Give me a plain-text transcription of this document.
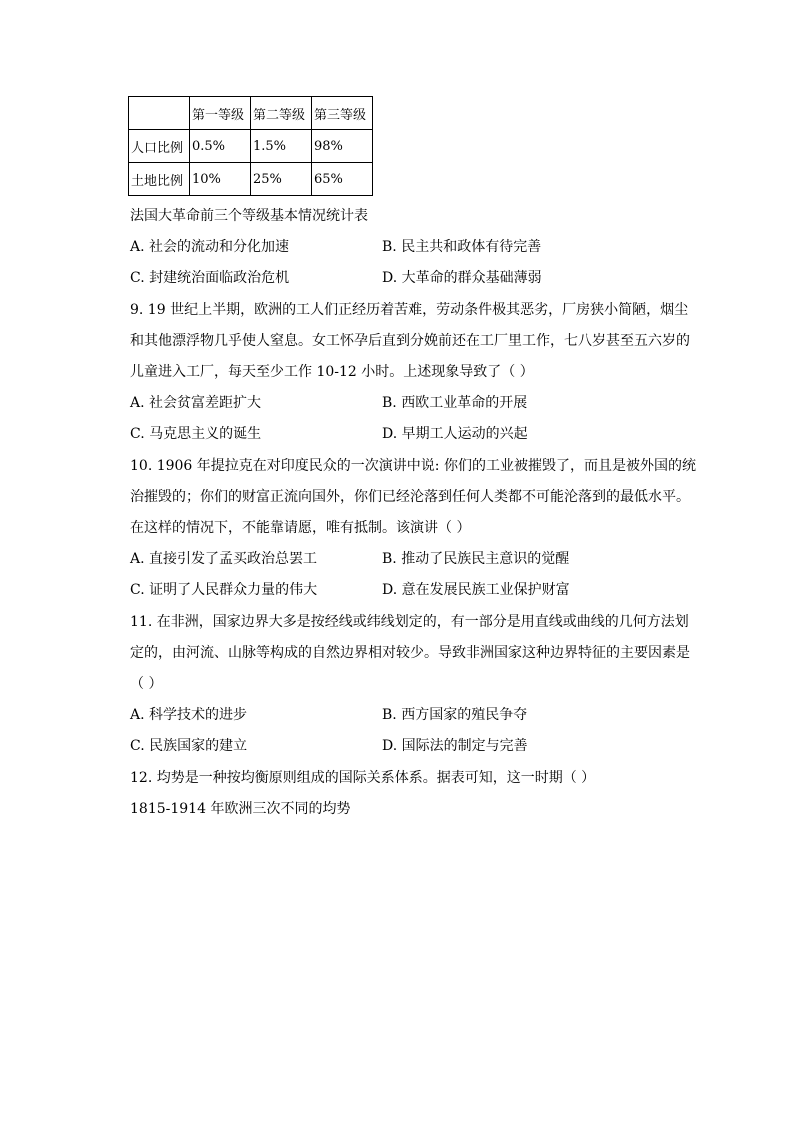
	第一等级	第二等级	第三等级
人口比例	0.5%	1.5%	98%
土地比例	10%	25%	65%
法国大革命前三个等级基本情况统计表
A. 社会的流动和分化加速	B. 民主共和政体有待完善
C. 封建统治面临政治危机	D. 大革命的群众基础薄弱
9. 19 世纪上半期，欧洲的工人们正经历着苦难，劳动条件极其恶劣，厂房狭小简陋，烟尘
和其他漂浮物几乎使人窒息。女工怀孕后直到分娩前还在工厂里工作，七八岁甚至五六岁的
儿童进入工厂，每天至少工作 10-12 小时。上述现象导致了（ ）
A. 社会贫富差距扩大	B. 西欧工业革命的开展
C. 马克思主义的诞生	D. 早期工人运动的兴起
10. 1906 年提拉克在对印度民众的一次演讲中说: 你们的工业被摧毁了，而且是被外国的统
治摧毁的；你们的财富正流向国外，你们已经沦落到任何人类都不可能沦落到的最低水平。
在这样的情况下，不能靠请愿，唯有抵制。该演讲（ ）
A. 直接引发了孟买政治总罢工	B. 推动了民族民主意识的觉醒
C. 证明了人民群众力量的伟大	D. 意在发展民族工业保护财富
11. 在非洲，国家边界大多是按经线或纬线划定的，有一部分是用直线或曲线的几何方法划
定的，由河流、山脉等构成的自然边界相对较少。导致非洲国家这种边界特征的主要因素是
（ ）
A. 科学技术的进步	B. 西方国家的殖民争夺
C. 民族国家的建立	D. 国际法的制定与完善
12. 均势是一种按均衡原则组成的国际关系体系。据表可知，这一时期（ ）
1815-1914 年欧洲三次不同的均势
